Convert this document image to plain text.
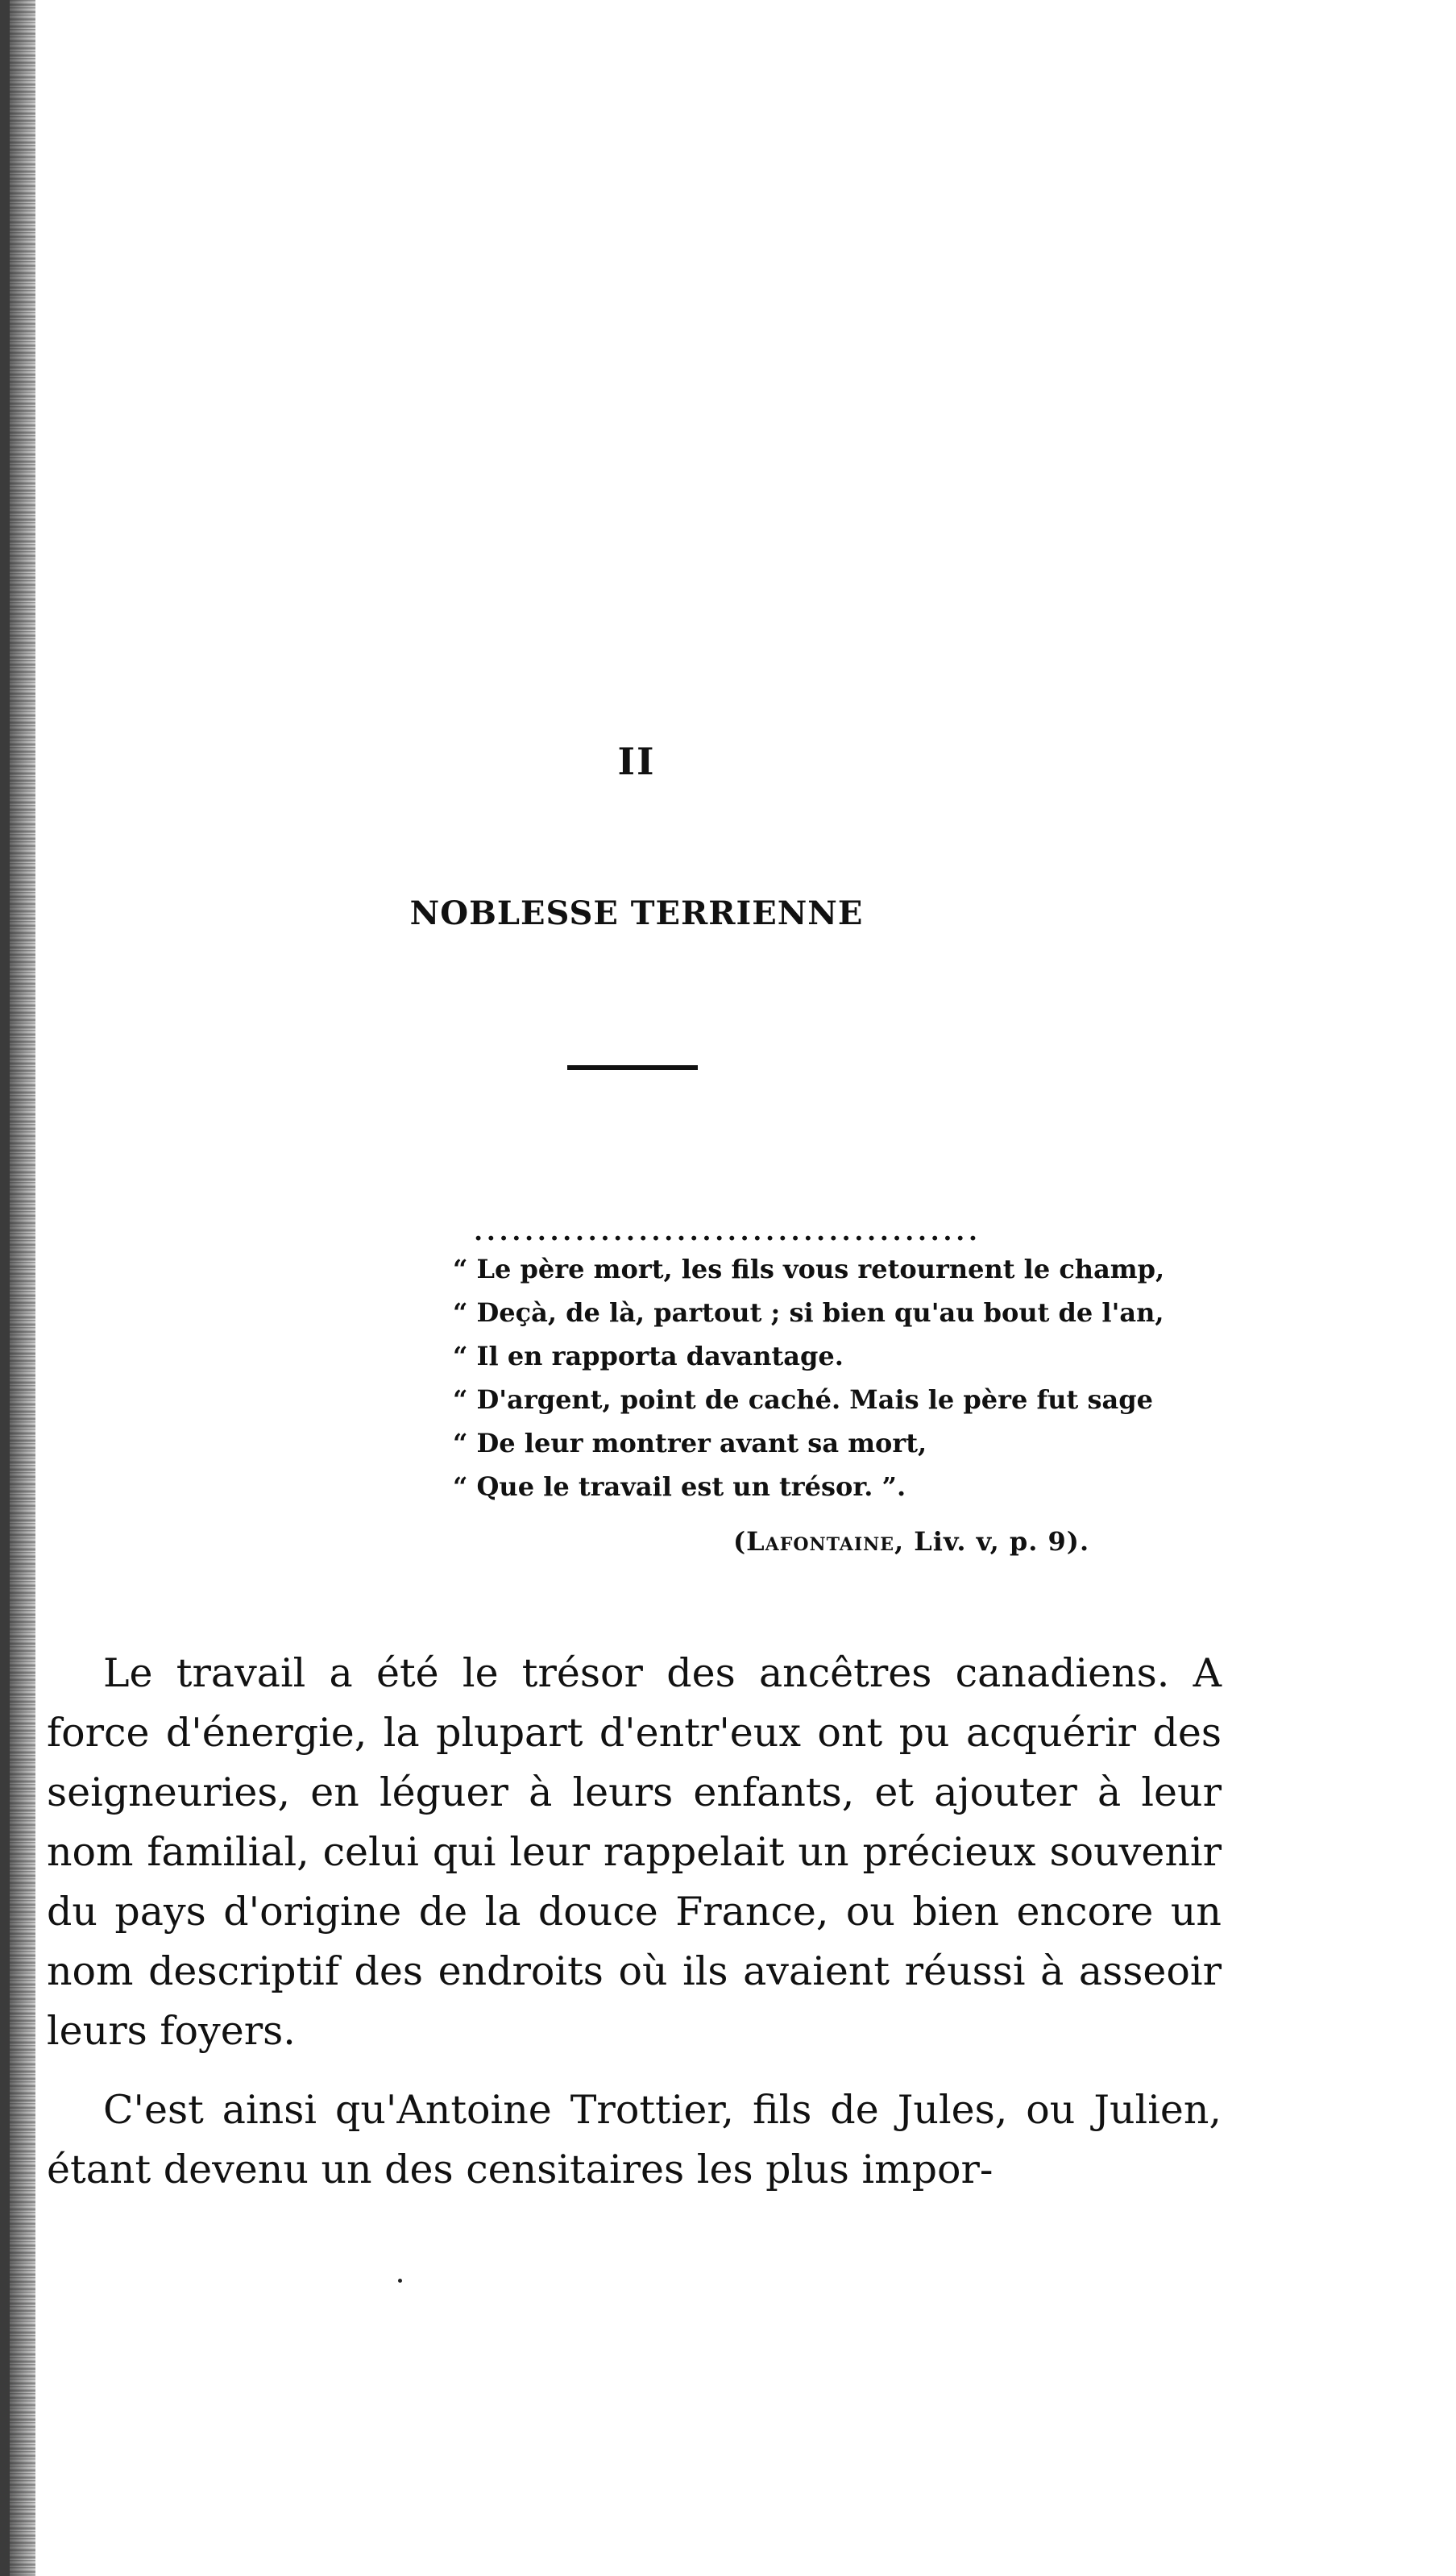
II
NOBLESSE TERRIENNE
........................................
“ Le père mort, les fils vous retournent le champ,
“ Deçà, de là, partout ; si bien qu'au bout de l'an,
“ Il en rapporta davantage.
“ D'argent, point de caché. Mais le père fut sage
“ De leur montrer avant sa mort,
“ Que le travail est un trésor. ”.
(Lafontaine, Liv. v, p. 9).

Le travail a été le trésor des ancêtres canadiens. A force d'énergie, la plupart d'entr'eux ont pu acquérir des seigneuries, en léguer à leurs enfants, et ajouter à leur nom familial, celui qui leur rappelait un précieux souvenir du pays d'origine de la douce France, ou bien encore un nom descriptif des endroits où ils avaient réussi à asseoir leurs foyers.

C'est ainsi qu'Antoine Trottier, fils de Jules, ou Julien, étant devenu un des censitaires les plus impor-
